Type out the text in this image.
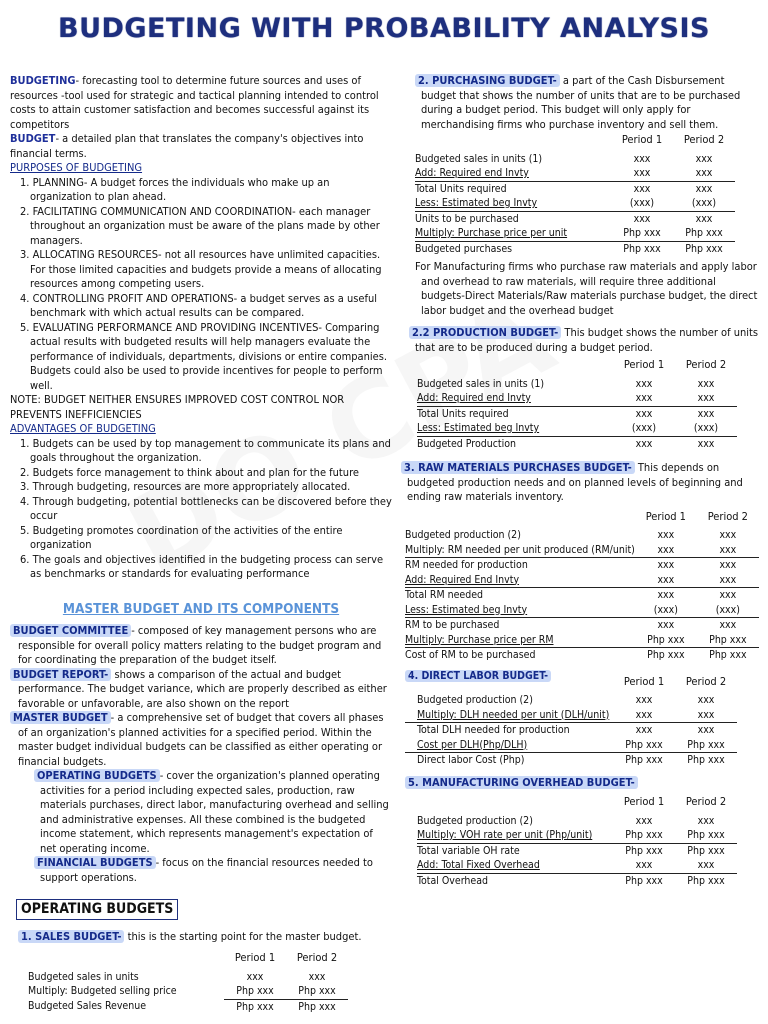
BUDGETING WITH PROBABILITY ANALYSIS

BUDGETING- forecasting tool to determine future sources and uses of resources -tool used for strategic and tactical planning intended to control costs to attain customer satisfaction and becomes successful against its competitors

BUDGET- a detailed plan that translates the company's objectives into financial terms.

PURPOSES OF BUDGETING

1. PLANNING- A budget forces the individuals who make up an organization to plan ahead.

2. FACILITATING COMMUNICATION AND COORDINATION- each manager throughout an organization must be aware of the plans made by other managers.

3. ALLOCATING RESOURCES- not all resources have unlimited capacities. For those limited capacities and budgets provide a means of allocating resources among competing users.

4. CONTROLLING PROFIT AND OPERATIONS- a budget serves as a useful benchmark with which actual results can be compared.

5. EVALUATING PERFORMANCE AND PROVIDING INCENTIVES- Comparing actual results with budgeted results will help managers evaluate the performance of individuals, departments, divisions or entire companies. Budgets could also be used to provide incentives for people to perform well.

NOTE: BUDGET NEITHER ENSURES IMPROVED COST CONTROL NOR PREVENTS INEFFICIENCIES

ADVANTAGES OF BUDGETING

1. Budgets can be used by top management to communicate its plans and goals throughout the organization.

2. Budgets force management to think about and plan for the future

3. Through budgeting, resources are more appropriately allocated.

4. Through budgeting, potential bottlenecks can be discovered before they occur

5. Budgeting promotes coordination of the activities of the entire organization

6. The goals and objectives identified in the budgeting process can serve as benchmarks or standards for evaluating performance

MASTER BUDGET AND ITS COMPONENTS

BUDGET COMMITTEE - composed of key management persons who are responsible for overall policy matters relating to the budget program and for coordinating the preparation of the budget itself.

BUDGET REPORT- shows a comparison of the actual and budget performance. The budget variance, which are properly described as either favorable or unfavorable, are also shown on the report

MASTER BUDGET - a comprehensive set of budget that covers all phases of an organization's planned activities for a specified period. Within the master budget individual budgets can be classified as either operating or financial budgets.

OPERATING BUDGETS - cover the organization's planned operating activities for a period including expected sales, production, raw materials purchases, direct labor, manufacturing overhead and selling and administrative expenses. All these combined is the budgeted income statement, which represents management's expectation of net operating income.

FINANCIAL BUDGETS - focus on the financial resources needed to support operations.

OPERATING BUDGETS

1. SALES BUDGET- this is the starting point for the master budget.

	Period 1	Period 2
Budgeted sales in units	xxx	xxx
Multiply: Budgeted selling price	Php xxx	Php xxx
Budgeted Sales Revenue	Php xxx	Php xxx

2. PURCHASING BUDGET- a part of the Cash Disbursement budget that shows the number of units that are to be purchased during a budget period. This budget will only apply for merchandising firms who purchase inventory and sell them.

	Period 1	Period 2
Budgeted sales in units (1)	xxx	xxx
Add: Required end Invty	xxx	xxx
Total Units required	xxx	xxx
Less: Estimated beg Invty	(xxx)	(xxx)
Units to be purchased	xxx	xxx
Multiply: Purchase price per unit	Php xxx	Php xxx
Budgeted purchases	Php xxx	Php xxx

For Manufacturing firms who purchase raw materials and apply labor and overhead to raw materials, will require three additional budgets-Direct Materials/Raw materials purchase budget, the direct labor budget and the overhead budget

2.2 PRODUCTION BUDGET- This budget shows the number of units that are to be produced during a budget period.

	Period 1	Period 2
Budgeted sales in units (1)	xxx	xxx
Add: Required end Invty	xxx	xxx
Total Units required	xxx	xxx
Less: Estimated beg Invty	(xxx)	(xxx)
Budgeted Production	xxx	xxx

3. RAW MATERIALS PURCHASES BUDGET- This depends on budgeted production needs and on planned levels of beginning and ending raw materials inventory.

	Period 1	Period 2
Budgeted production (2)	xxx	xxx
Multiply: RM needed per unit produced (RM/unit)	xxx	xxx
RM needed for production	xxx	xxx
Add: Required End Invty	xxx	xxx
Total RM needed	xxx	xxx
Less: Estimated beg Invty	(xxx)	(xxx)
RM to be purchased	xxx	xxx
Multiply: Purchase price per RM	Php xxx	Php xxx
Cost of RM to be purchased	Php xxx	Php xxx
4. DIRECT LABOR BUDGET-	Period 1	Period 2
Budgeted production (2)	xxx	xxx
Multiply: DLH needed per unit (DLH/unit)	xxx	xxx
Total DLH needed for production	xxx	xxx
Cost per DLH(Php/DLH)	Php xxx	Php xxx
Direct labor Cost (Php)	Php xxx	Php xxx

5. MANUFACTURING OVERHEAD BUDGET-

	Period 1	Period 2
Budgeted production (2)	xxx	xxx
Multiply: VOH rate per unit (Php/unit)	Php xxx	Php xxx
Total variable OH rate	Php xxx	Php xxx
Add: Total Fixed Overhead	xxx	xxx
Total Overhead	Php xxx	Php xxx
